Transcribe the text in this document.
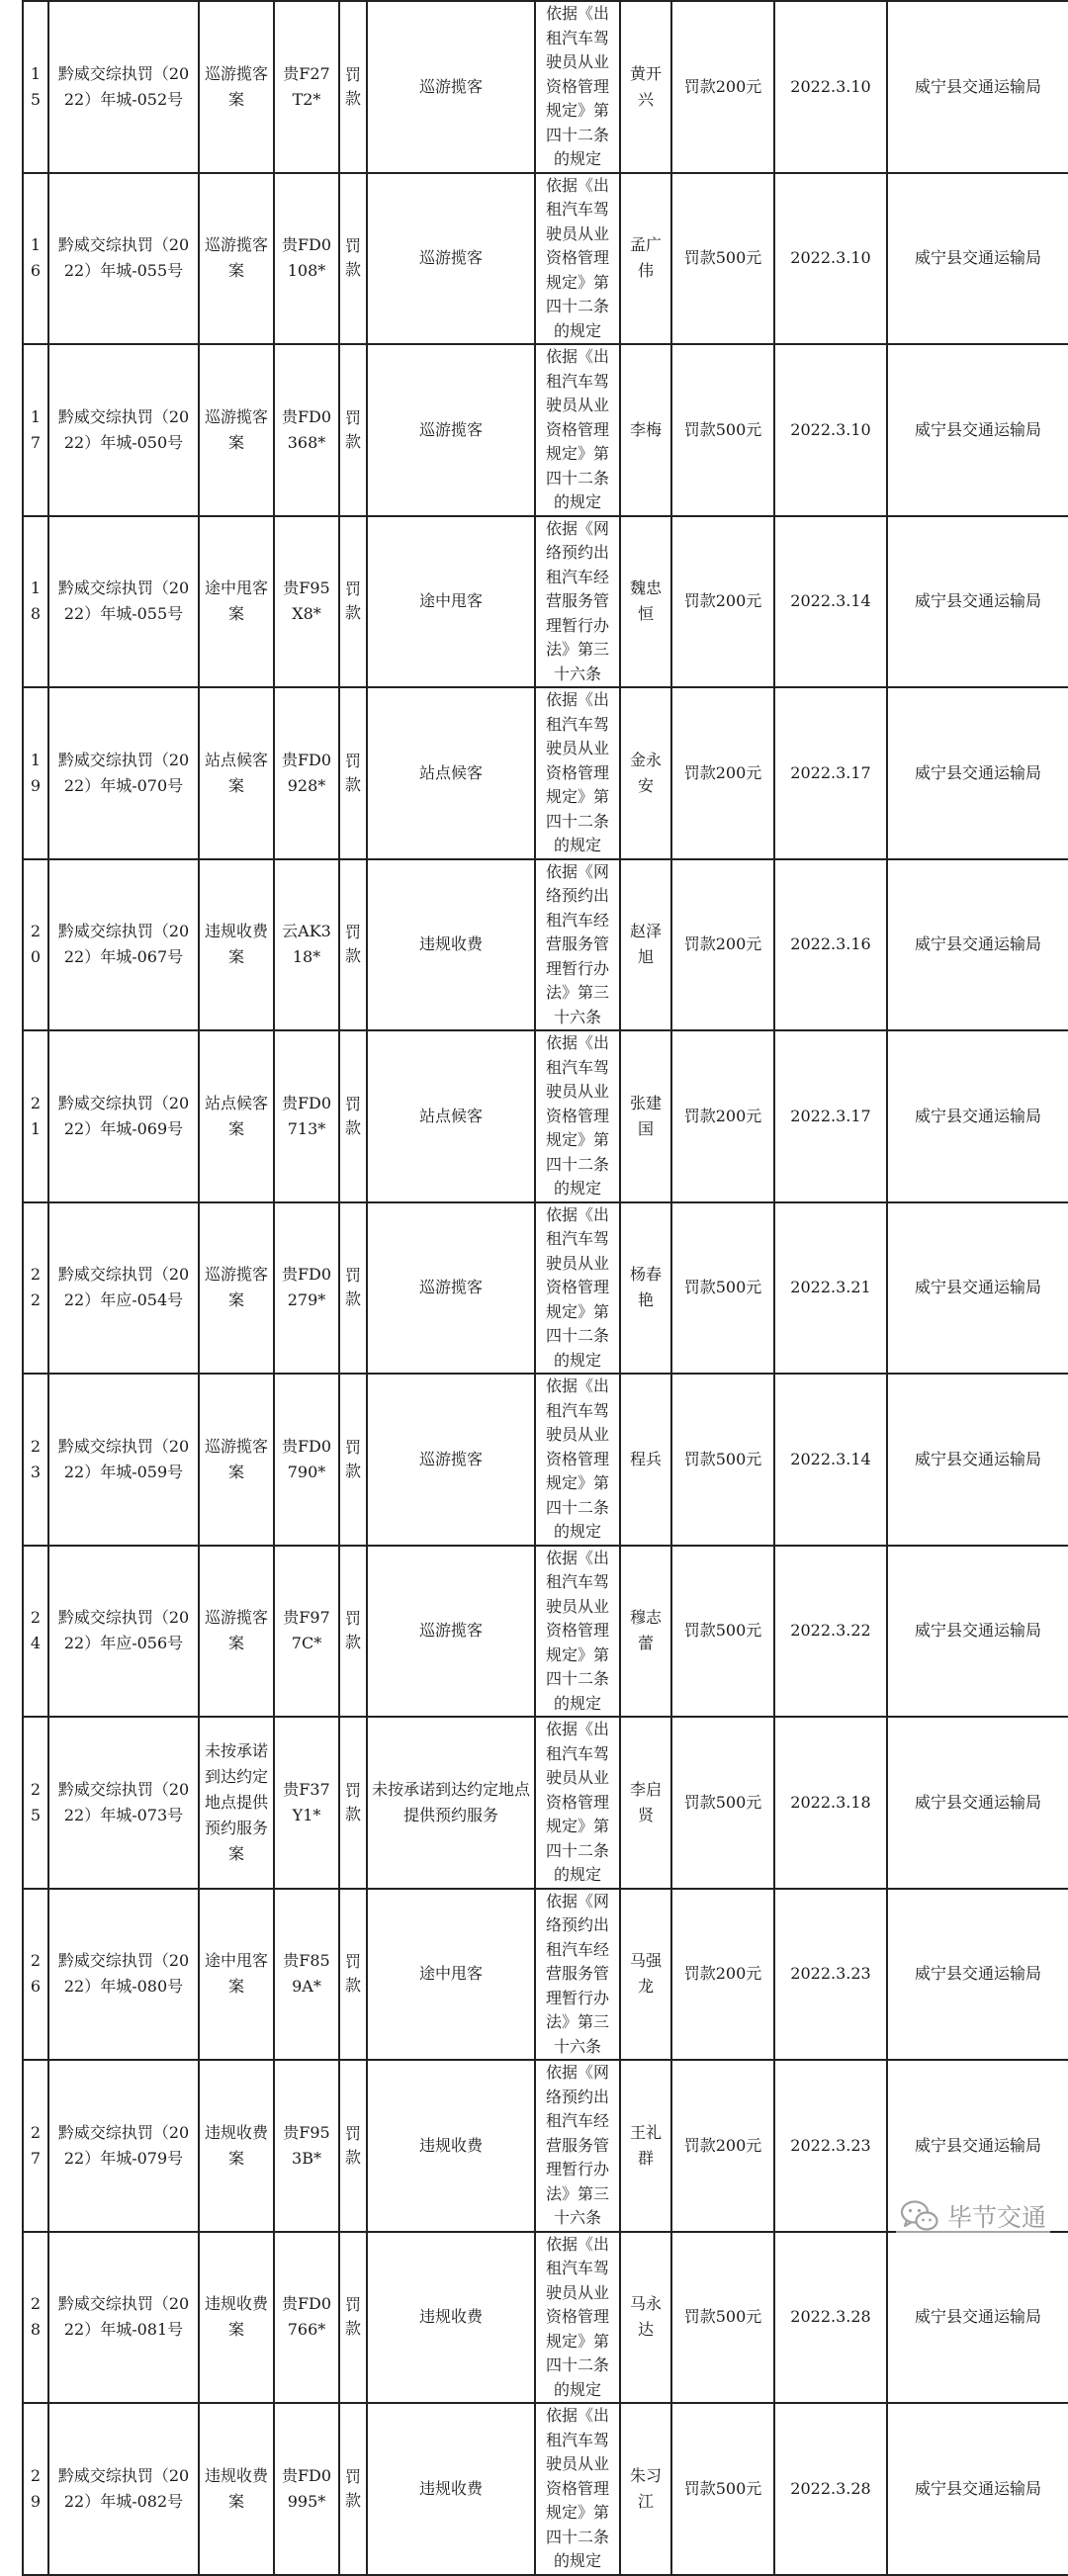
15	黔威交综执罚（2022）年城-052号	巡游揽客案	贵F27T2*	罚款	巡游揽客	依据《出租汽车驾驶员从业资格管理规定》第四十二条的规定	黄开兴	罚款200元	2022.3.10	威宁县交通运输局
16	黔威交综执罚（2022）年城-055号	巡游揽客案	贵FD0108*	罚款	巡游揽客	依据《出租汽车驾驶员从业资格管理规定》第四十二条的规定	孟广伟	罚款500元	2022.3.10	威宁县交通运输局
17	黔威交综执罚（2022）年城-050号	巡游揽客案	贵FD0368*	罚款	巡游揽客	依据《出租汽车驾驶员从业资格管理规定》第四十二条的规定	李梅	罚款500元	2022.3.10	威宁县交通运输局
18	黔威交综执罚（2022）年城-055号	途中甩客案	贵F95X8*	罚款	途中甩客	依据《网络预约出租汽车经营服务管理暂行办法》第三十六条	魏忠恒	罚款200元	2022.3.14	威宁县交通运输局
19	黔威交综执罚（2022）年城-070号	站点候客案	贵FD0928*	罚款	站点候客	依据《出租汽车驾驶员从业资格管理规定》第四十二条的规定	金永安	罚款200元	2022.3.17	威宁县交通运输局
20	黔威交综执罚（2022）年城-067号	违规收费案	云AK318*	罚款	违规收费	依据《网络预约出租汽车经营服务管理暂行办法》第三十六条	赵泽旭	罚款200元	2022.3.16	威宁县交通运输局
21	黔威交综执罚（2022）年城-069号	站点候客案	贵FD0713*	罚款	站点候客	依据《出租汽车驾驶员从业资格管理规定》第四十二条的规定	张建国	罚款200元	2022.3.17	威宁县交通运输局
22	黔威交综执罚（2022）年应-054号	巡游揽客案	贵FD0279*	罚款	巡游揽客	依据《出租汽车驾驶员从业资格管理规定》第四十二条的规定	杨春艳	罚款500元	2022.3.21	威宁县交通运输局
23	黔威交综执罚（2022）年城-059号	巡游揽客案	贵FD0790*	罚款	巡游揽客	依据《出租汽车驾驶员从业资格管理规定》第四十二条的规定	程兵	罚款500元	2022.3.14	威宁县交通运输局
24	黔威交综执罚（2022）年应-056号	巡游揽客案	贵F977C*	罚款	巡游揽客	依据《出租汽车驾驶员从业资格管理规定》第四十二条的规定	穆志蕾	罚款500元	2022.3.22	威宁县交通运输局
25	黔威交综执罚（2022）年城-073号	未按承诺到达约定地点提供预约服务案	贵F37Y1*	罚款	未按承诺到达约定地点提供预约服务	依据《出租汽车驾驶员从业资格管理规定》第四十二条的规定	李启贤	罚款500元	2022.3.18	威宁县交通运输局
26	黔威交综执罚（2022）年城-080号	途中甩客案	贵F859A*	罚款	途中甩客	依据《网络预约出租汽车经营服务管理暂行办法》第三十六条	马强龙	罚款200元	2022.3.23	威宁县交通运输局
27	黔威交综执罚（2022）年城-079号	违规收费案	贵F953B*	罚款	违规收费	依据《网络预约出租汽车经营服务管理暂行办法》第三十六条	王礼群	罚款200元	2022.3.23	威宁县交通运输局
28	黔威交综执罚（2022）年城-081号	违规收费案	贵FD0766*	罚款	违规收费	依据《出租汽车驾驶员从业资格管理规定》第四十二条的规定	马永达	罚款500元	2022.3.28	威宁县交通运输局
29	黔威交综执罚（2022）年城-082号	违规收费案	贵FD0995*	罚款	违规收费	依据《出租汽车驾驶员从业资格管理规定》第四十二条的规定	朱习江	罚款500元	2022.3.28	威宁县交通运输局
毕节交通
